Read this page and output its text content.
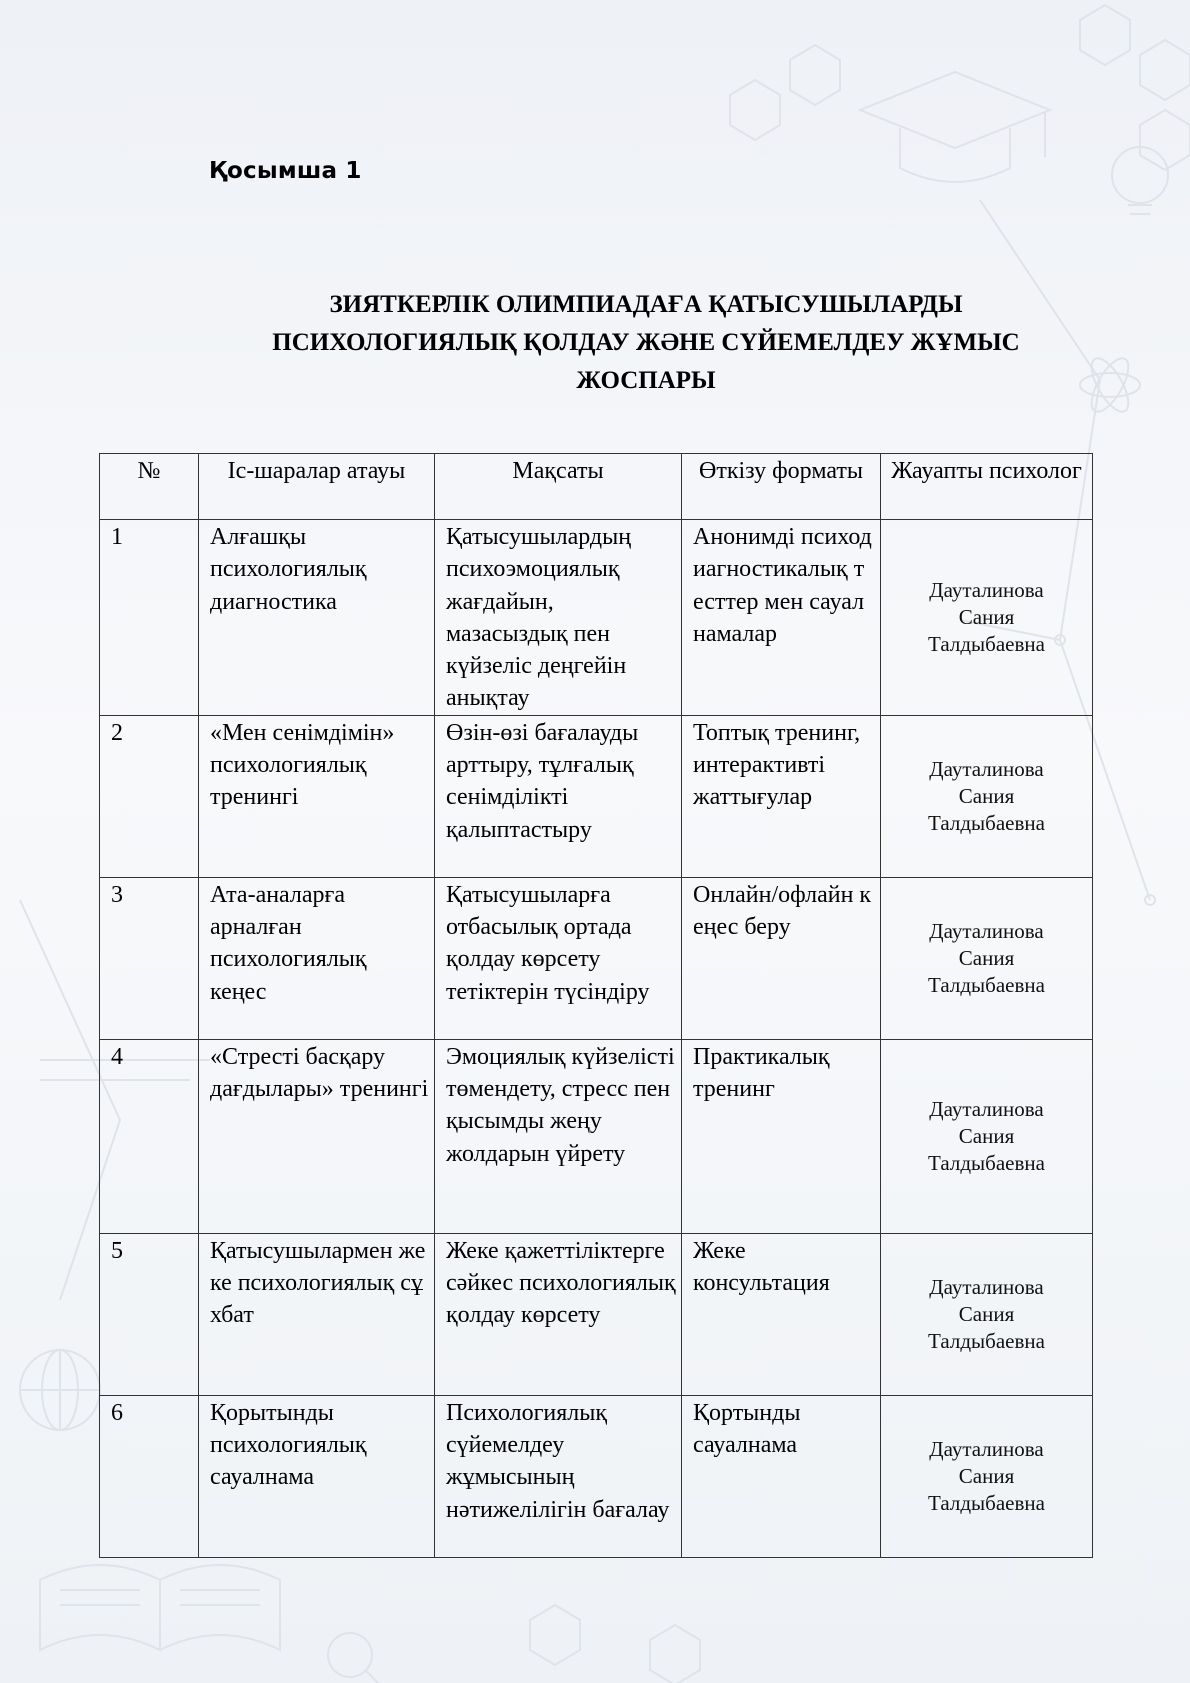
Қосымша 1
ЗИЯТКЕРЛІК ОЛИМПИАДАҒА ҚАТЫСУШЫЛАРДЫ
ПСИХОЛОГИЯЛЫҚ ҚОЛДАУ ЖӘНЕ СҮЙЕМЕЛДЕУ ЖҰМЫС
ЖОСПАРЫ
№	Іс-шаралар атауы	Мақсаты	Өткізу форматы	Жауапты психолог
1	Алғашқы психологиялық диагностика	Қатысушылардың психоэмоциялық жағдайын, мазасыздық пен күйзеліс деңгейін анықтау	Анонимді психодиагностикалық тесттер мен сауалнамалар	Дауталинова
Сания
Талдыбаевна

2	«Мен сенімдімін» психологиялық тренингі	Өзін-өзі бағалауды арттыру, тұлғалық сенімділікті қалыптастыру	Топтық тренинг, интерактивті жаттығулар	Дауталинова
Сания
Талдыбаевна

3	Ата-аналарға арналған психологиялық кеңес	Қатысушыларға отбасылық ортада қолдау көрсету тетіктерін түсіндіру	Онлайн/офлайн кеңес беру	Дауталинова
Сания
Талдыбаевна

4	«Стресті басқару дағдылары» тренингі	Эмоциялық күйзелісті төмендету, стресс пен қысымды жеңу жолдарын үйрету	Практикалық тренинг	Дауталинова
Сания
Талдыбаевна

5	Қатысушылармен жеке психологиялық сұхбат	Жеке қажеттіліктерге сәйкес психологиялық қолдау көрсету	Жеке консультация	Дауталинова
Сания
Талдыбаевна

6	Қорытынды психологиялық сауалнама	Психологиялық сүйемелдеу жұмысының нәтижелілігін бағалау	Қортынды сауалнама	Дауталинова
Сания
Талдыбаевна
